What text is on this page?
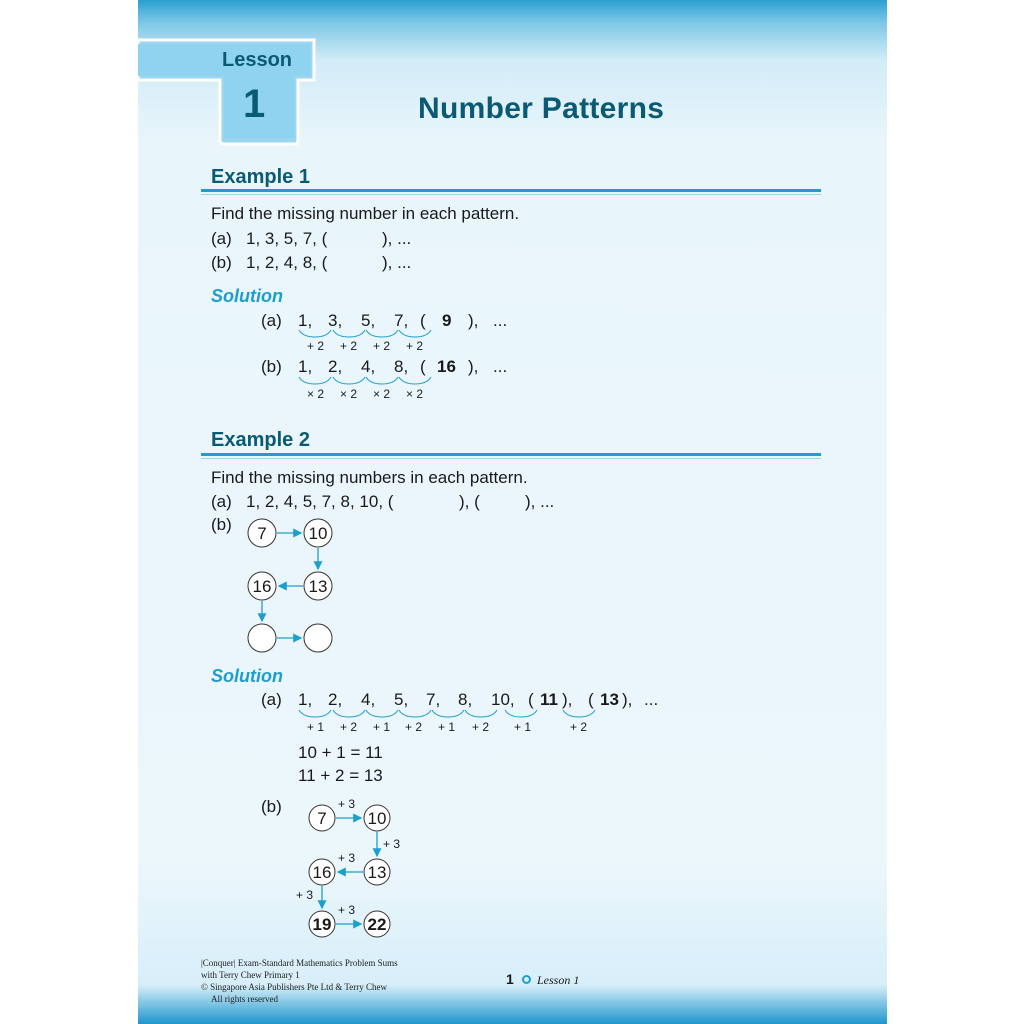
Lesson
1	Number Patterns
Example 1
Find the missing number in each pattern.
(a) 1, 3, 5, 7, (	), ...
(b) 1, 2, 4, 8, (	), ...
Solution
(a) 1, 3, 5, 7, ( 9 ), ...
+ 2 + 2 + 2 + 2
(b) 1, 2, 4, 8, ( 16 ), ...
× 2 × 2 × 2 × 2
Example 2
Find the missing numbers in each pattern.
(a) 1, 2, 4, 5, 7, 8, 10, (	), (	), ...
(b) 7 10
13
16
Solution
(a) 1, 2, 4, 5, 7, 8, 10, ( 11 ), ( 13 ), ...
+ 1 + 2 + 1 + 2 + 1 + 2 + 1	+ 2
10 + 1 = 11
11 + 2 = 13
(b)
7 10
13
16
19 22
+ 3
+ 3
+ 3
+ 3
+ 3
|Conquer| Exam-Standard Mathematics Problem Sums
with Terry Chew Primary 1
© Singapore Asia Publishers Pte Ltd & Terry Chew
All rights reserved
1 Lesson 1
